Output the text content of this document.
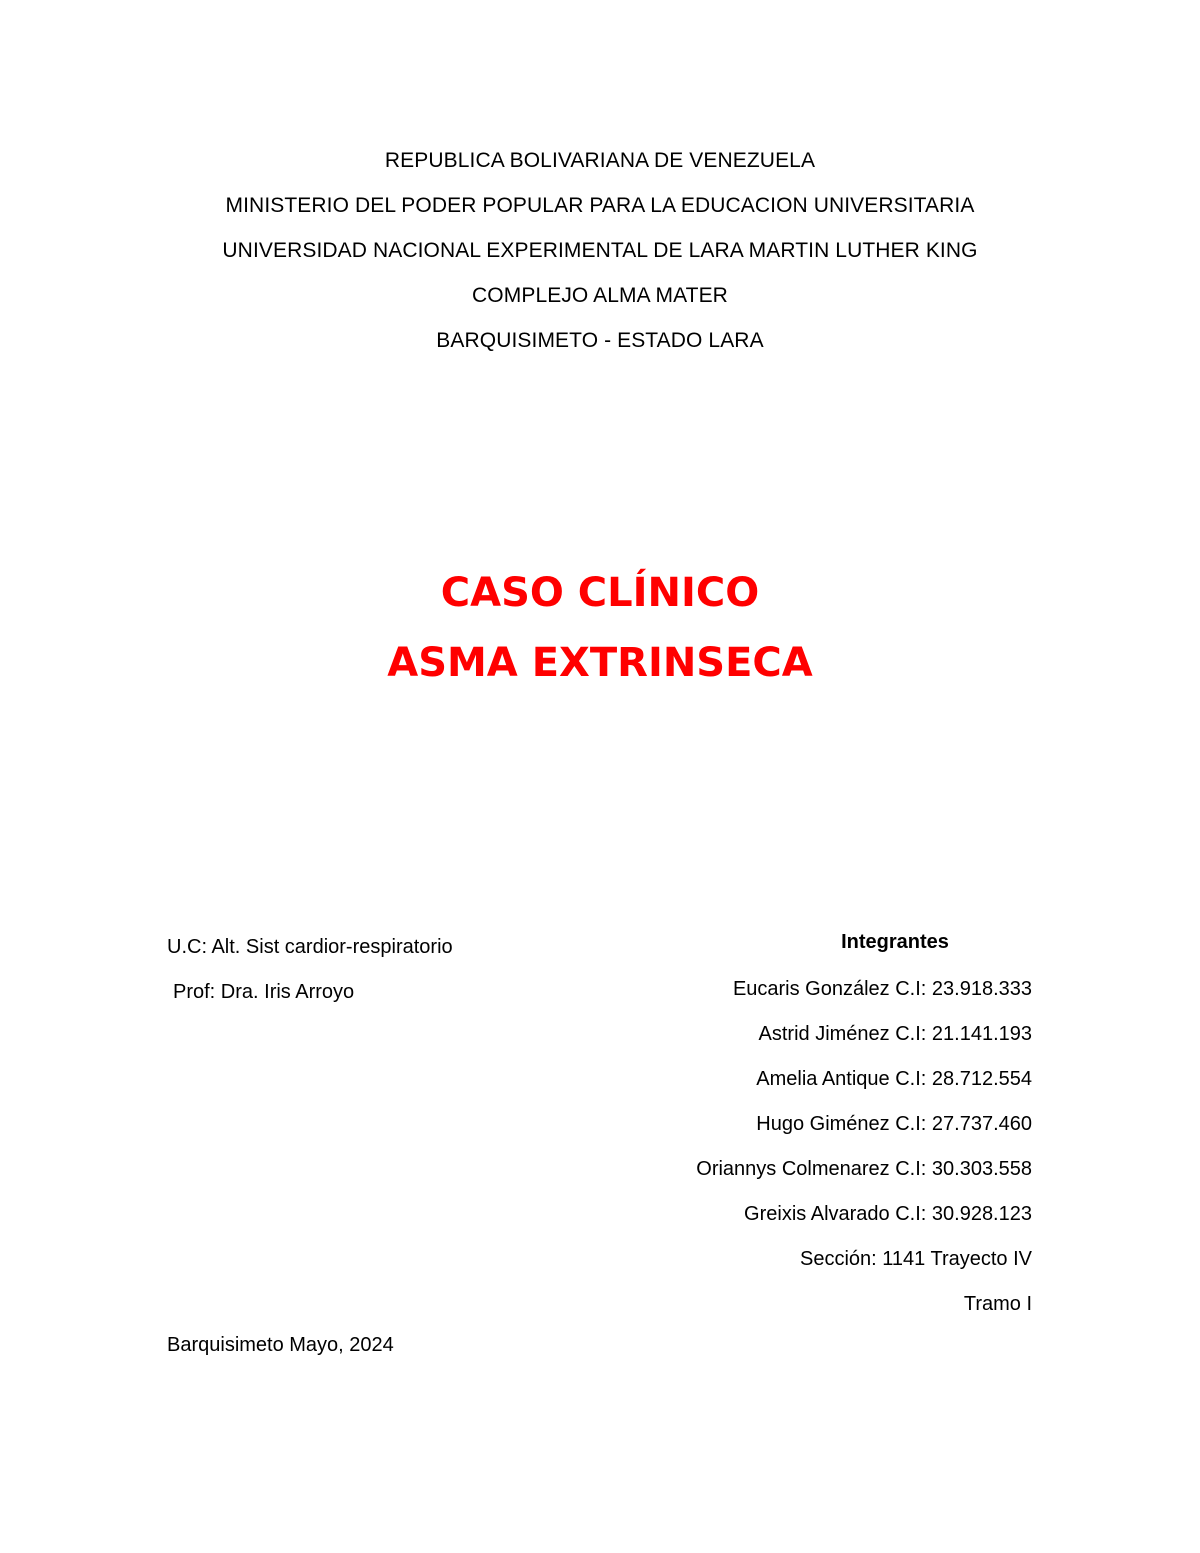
REPUBLICA BOLIVARIANA DE VENEZUELA
MINISTERIO DEL PODER POPULAR PARA LA EDUCACION UNIVERSITARIA
UNIVERSIDAD NACIONAL EXPERIMENTAL DE LARA MARTIN LUTHER KING
COMPLEJO ALMA MATER
BARQUISIMETO - ESTADO LARA
CASO CLÍNICO
ASMA EXTRINSECA
U.C: Alt. Sist cardior-respiratorio
Prof: Dra. Iris Arroyo
Integrantes
Eucaris González C.I: 23.918.333
Astrid Jiménez C.I: 21.141.193
Amelia Antique C.I: 28.712.554
Hugo Giménez C.I: 27.737.460
Oriannys Colmenarez C.I: 30.303.558
Greixis Alvarado C.I: 30.928.123
Sección: 1141 Trayecto IV
Tramo I
Barquisimeto Mayo, 2024
